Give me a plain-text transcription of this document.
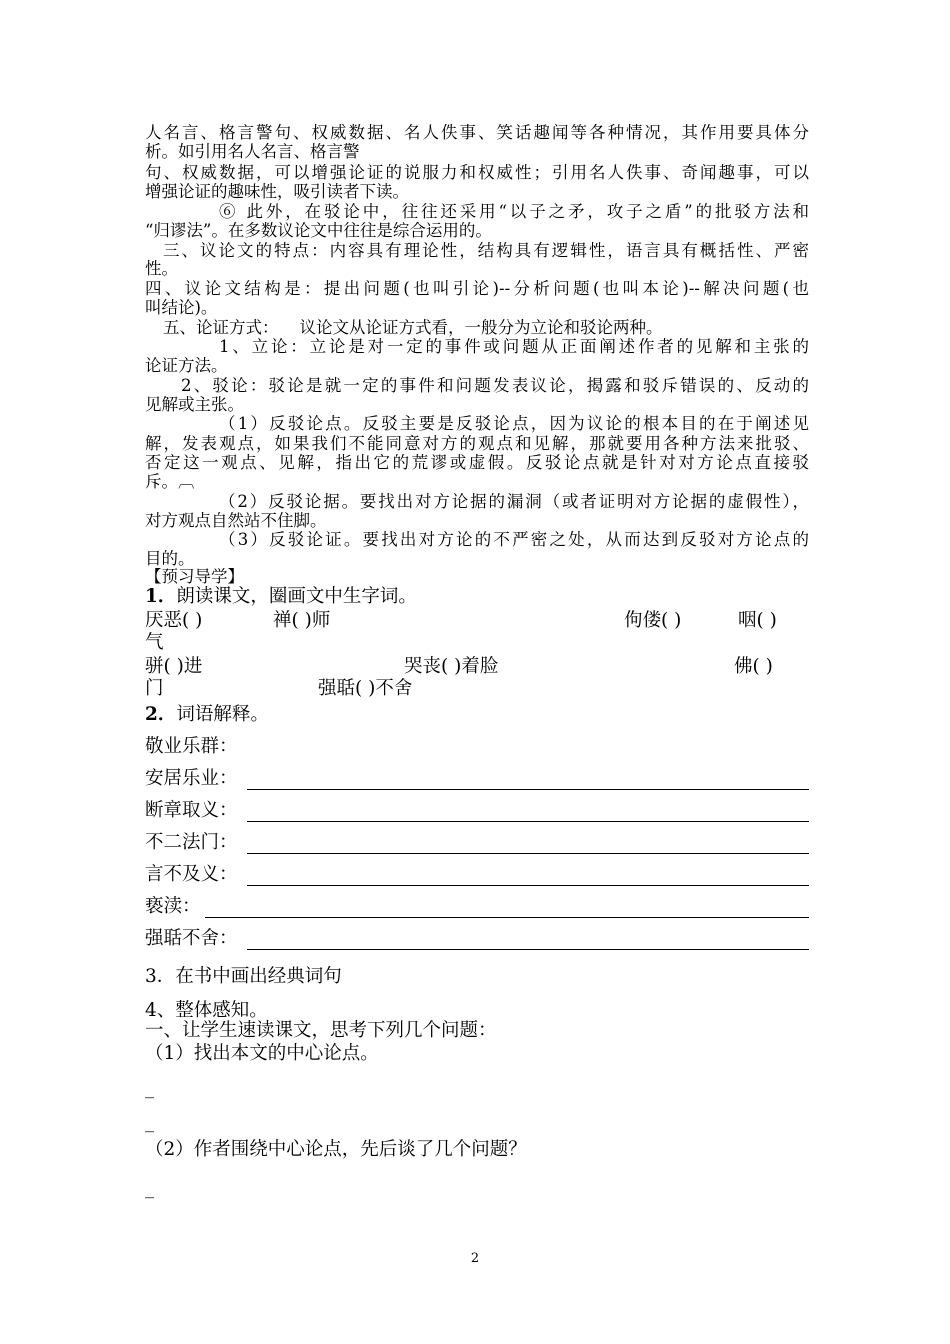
人名言、格言警句、权威数据、名人佚事、笑话趣闻等各种情况，其作用要具体分
析。如引用名人名言、格言警
句、权威数据，可以增强论证的说服力和权威性；引用名人佚事、奇闻趣事，可以
增强论证的趣味性，吸引读者下读。
⑥ 此外，在驳论中，往往还采用“以子之矛，攻子之盾”的批驳方法和
“归谬法”。在多数议论文中往往是综合运用的。
三、议论文的特点：内容具有理论性，结构具有逻辑性，语言具有概括性、严密
性。
四、议论文结构是：提出问题(也叫引论)--分析问题(也叫本论)--解决问题(也
叫结论)。
五、论证方式：    议论文从论证方式看，一般分为立论和驳论两种。
1、立论：立论是对一定的事件或问题从正面阐述作者的见解和主张的
论证方法。
2、驳论：驳论是就一定的事件和问题发表议论，揭露和驳斥错误的、反动的
见解或主张。
（1）反驳论点。反驳主要是反驳论点，因为议论的根本目的在于阐述见
解，发表观点，如果我们不能同意对方的观点和见解，那就要用各种方法来批驳、
否定这一观点、见解，指出它的荒谬或虚假。反驳论点就是针对对方论点直接驳
斥。︹
（2）反驳论据。要找出对方论据的漏洞（或者证明对方论据的虚假性），
对方观点自然站不住脚。
（3）反驳论证。要找出对方论的不严密之处，从而达到反驳对方论点的
目的。
【预习导学】
1．朗读课文，圈画文中生字词。
厌恶( )	禅( )师	佝偻( )	咽( )
气
骈( )进	哭丧( )着脸	佛( )
门	强聒( )不舍
2．词语解释。
敬业乐群：
安居乐业：
断章取义：
不二法门：
言不及义：
亵渎：
强聒不舍：
3．在书中画出经典词句
4、整体感知。
一、让学生速读课文，思考下列几个问题：
（1）找出本文的中心论点。
_
_
（2）作者围绕中心论点，先后谈了几个问题？
_
2
